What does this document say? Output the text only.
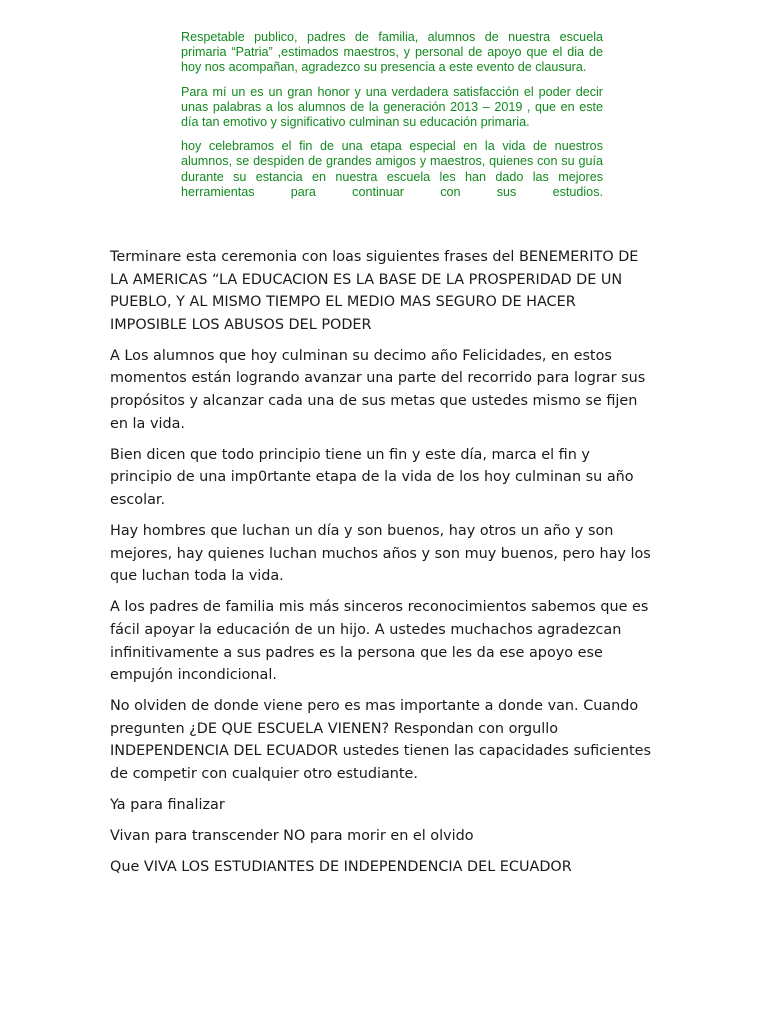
Respetable publico, padres de familia, alumnos de nuestra escuela primaria “Patria” ,estimados maestros, y personal de apoyo que el dia de hoy nos acompañan, agradezco su presencia a este evento de clausura.

Para mí un es un gran honor y una verdadera satisfacción el poder decir unas palabras a los alumnos de la generación 2013 – 2019 , que en este día tan emotivo y significativo culminan su educación primaria.

hoy celebramos el fin de una etapa especial en la vida de nuestros alumnos, se despiden de grandes amigos y maestros, quienes con su guía durante su estancia en nuestra escuela les han dado las mejores herramientas para continuar con sus estudios.

Terminare esta ceremonia con loas siguientes frases del BENEMERITO DE LA AMERICAS “LA EDUCACION ES LA BASE DE LA PROSPERIDAD DE UN PUEBLO, Y AL MISMO TIEMPO EL MEDIO MAS SEGURO DE HACER IMPOSIBLE LOS ABUSOS DEL PODER

A Los alumnos que hoy culminan su decimo año Felicidades, en estos momentos están logrando avanzar una parte del recorrido para lograr sus propósitos y alcanzar cada una de sus metas que ustedes mismo se fijen en la vida.

Bien dicen que todo principio tiene un fin y este día, marca el fin y principio de una imp0rtante etapa de la vida de los hoy culminan su año escolar.

Hay hombres que luchan un día y son buenos, hay otros un año y son mejores, hay quienes luchan muchos años y son muy buenos, pero hay los que luchan toda la vida.

A los padres de familia mis más sinceros reconocimientos sabemos que es fácil apoyar la educación de un hijo. A ustedes muchachos agradezcan infinitivamente a sus padres es la persona que les da ese apoyo ese empujón incondicional.

No olviden de donde viene pero es mas importante a donde van. Cuando pregunten ¿DE QUE ESCUELA VIENEN? Respondan con orgullo INDEPENDENCIA DEL ECUADOR ustedes tienen las capacidades suficientes de competir con cualquier otro estudiante.

Ya para finalizar

Vivan para transcender NO para morir en el olvido

Que VIVA LOS ESTUDIANTES DE INDEPENDENCIA DEL ECUADOR
